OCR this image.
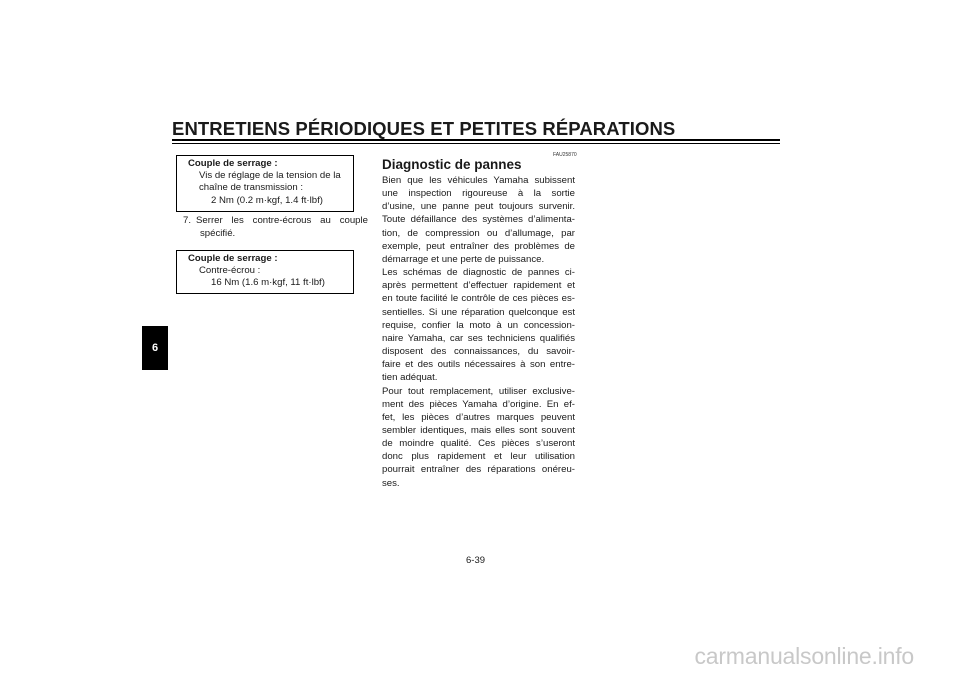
ENTRETIENS PÉRIODIQUES ET PETITES RÉPARATIONS
6
Couple de serrage :
Vis de réglage de la tension de la
chaîne de transmission :
2 Nm (0.2 m·kgf, 1.4 ft·lbf)
7. Serrer les contre-écrous au couple
spécifié.
Couple de serrage :
Contre-écrou :
16 Nm (1.6 m·kgf, 11 ft·lbf)
FAU25870
Diagnostic de pannes
Bien que les véhicules Yamaha subissent
une inspection rigoureuse à la sortie
d’usine, une panne peut toujours survenir.
Toute défaillance des systèmes d’alimenta-
tion, de compression ou d’allumage, par
exemple, peut entraîner des problèmes de
démarrage et une perte de puissance.
Les schémas de diagnostic de pannes ci-
après permettent d’effectuer rapidement et
en toute facilité le contrôle de ces pièces es-
sentielles. Si une réparation quelconque est
requise, confier la moto à un concession-
naire Yamaha, car ses techniciens qualifiés
disposent des connaissances, du savoir-
faire et des outils nécessaires à son entre-
tien adéquat.
Pour tout remplacement, utiliser exclusive-
ment des pièces Yamaha d’origine. En ef-
fet, les pièces d’autres marques peuvent
sembler identiques, mais elles sont souvent
de moindre qualité. Ces pièces s’useront
donc plus rapidement et leur utilisation
pourrait entraîner des réparations onéreu-
ses.
6-39
carmanualsonline.info
